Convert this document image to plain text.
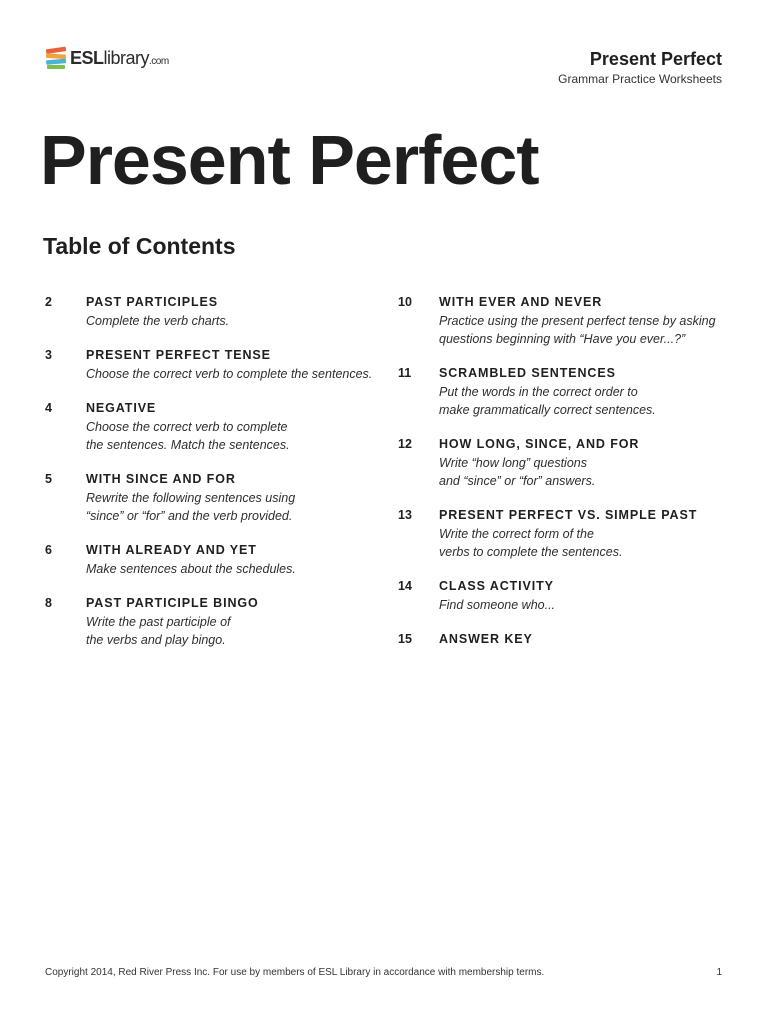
ESLlibrary.com	Present Perfect
Grammar Practice Worksheets
Present Perfect
Table of Contents
2	PAST PARTICIPLES
Complete the verb charts.
3	PRESENT PERFECT TENSE
Choose the correct verb to complete the sentences.
4	NEGATIVE
Choose the correct verb to complete
the sentences. Match the sentences.
5	WITH SINCE AND FOR
Rewrite the following sentences using
“since” or “for” and the verb provided.
6	WITH ALREADY AND YET
Make sentences about the schedules.
8	PAST PARTICIPLE BINGO
Write the past participle of
the verbs and play bingo.
10 WITH EVER AND NEVER
Practice using the present perfect tense by asking
questions beginning with “Have you ever...?”
11 SCRAMBLED SENTENCES
Put the words in the correct order to
make grammatically correct sentences.
12 HOW LONG, SINCE, AND FOR
Write “how long” questions
and “since” or “for” answers.
13 PRESENT PERFECT VS. SIMPLE PAST
Write the correct form of the
verbs to complete the sentences.
14 CLASS ACTIVITY
Find someone who...
15 ANSWER KEY
Copyright 2014, Red River Press Inc. For use by members of ESL Library in accordance with membership terms.	1
